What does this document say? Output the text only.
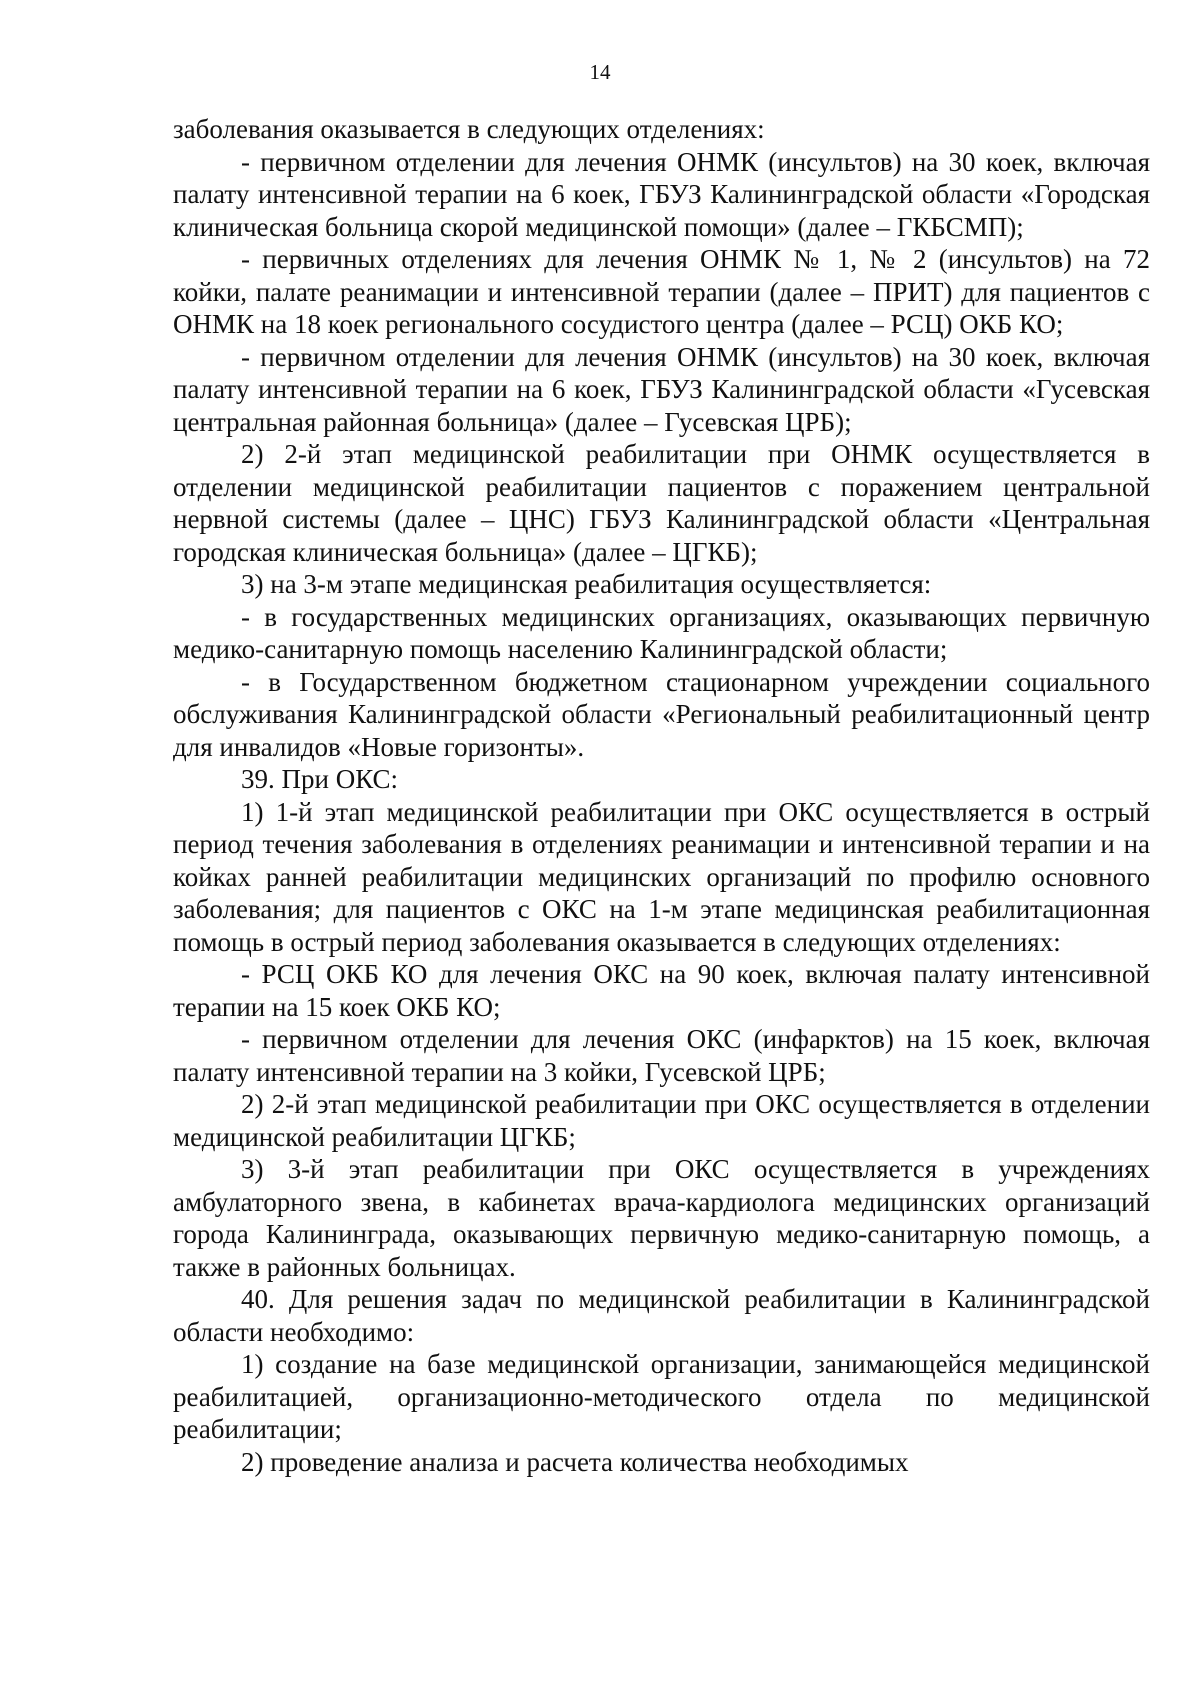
14

заболевания оказывается в следующих отделениях:

- первичном отделении для лечения ОНМК (инсультов) на 30 коек, включая палату интенсивной терапии на 6 коек, ГБУЗ Калининградской области «Городская клиническая больница скорой медицинской помощи» (далее – ГКБСМП);

- первичных отделениях для лечения ОНМК № 1, № 2 (инсультов) на 72 койки, палате реанимации и интенсивной терапии (далее – ПРИТ) для пациентов с ОНМК на 18 коек регионального сосудистого центра (далее – РСЦ) ОКБ КО;

- первичном отделении для лечения ОНМК (инсультов) на 30 коек, включая палату интенсивной терапии на 6 коек, ГБУЗ Калининградской области «Гусевская центральная районная больница» (далее – Гусевская ЦРБ);

2) 2-й этап медицинской реабилитации при ОНМК осуществляется в отделении медицинской реабилитации пациентов с поражением центральной нервной системы (далее – ЦНС) ГБУЗ Калининградской области «Центральная городская клиническая больница» (далее – ЦГКБ);

3) на 3-м этапе медицинская реабилитация осуществляется:

- в государственных медицинских организациях, оказывающих первичную медико-санитарную помощь населению Калининградской области;

- в Государственном бюджетном стационарном учреждении социального обслуживания Калининградской области «Региональный реабилитационный центр для инвалидов «Новые горизонты».

39. При ОКС:

1) 1-й этап медицинской реабилитации при ОКС осуществляется в острый период течения заболевания в отделениях реанимации и интенсивной терапии и на койках ранней реабилитации медицинских организаций по профилю основного заболевания; для пациентов с ОКС на 1-м этапе медицинская реабилитационная помощь в острый период заболевания оказывается в следующих отделениях:

- РСЦ ОКБ КО для лечения ОКС на 90 коек, включая палату интенсивной терапии на 15 коек ОКБ КО;

- первичном отделении для лечения ОКС (инфарктов) на 15 коек, включая палату интенсивной терапии на 3 койки, Гусевской ЦРБ;

2) 2-й этап медицинской реабилитации при ОКС осуществляется в отделении медицинской реабилитации ЦГКБ;

3) 3-й этап реабилитации при ОКС осуществляется в учреждениях амбулаторного звена, в кабинетах врача-кардиолога медицинских организаций города Калининграда, оказывающих первичную медико-санитарную помощь, а также в районных больницах.

40. Для решения задач по медицинской реабилитации в Калининградской области необходимо:

1) создание на базе медицинской организации, занимающейся медицинской реабилитацией, организационно-методического отдела по медицинской реабилитации;

2) проведение анализа и расчета количества необходимых
